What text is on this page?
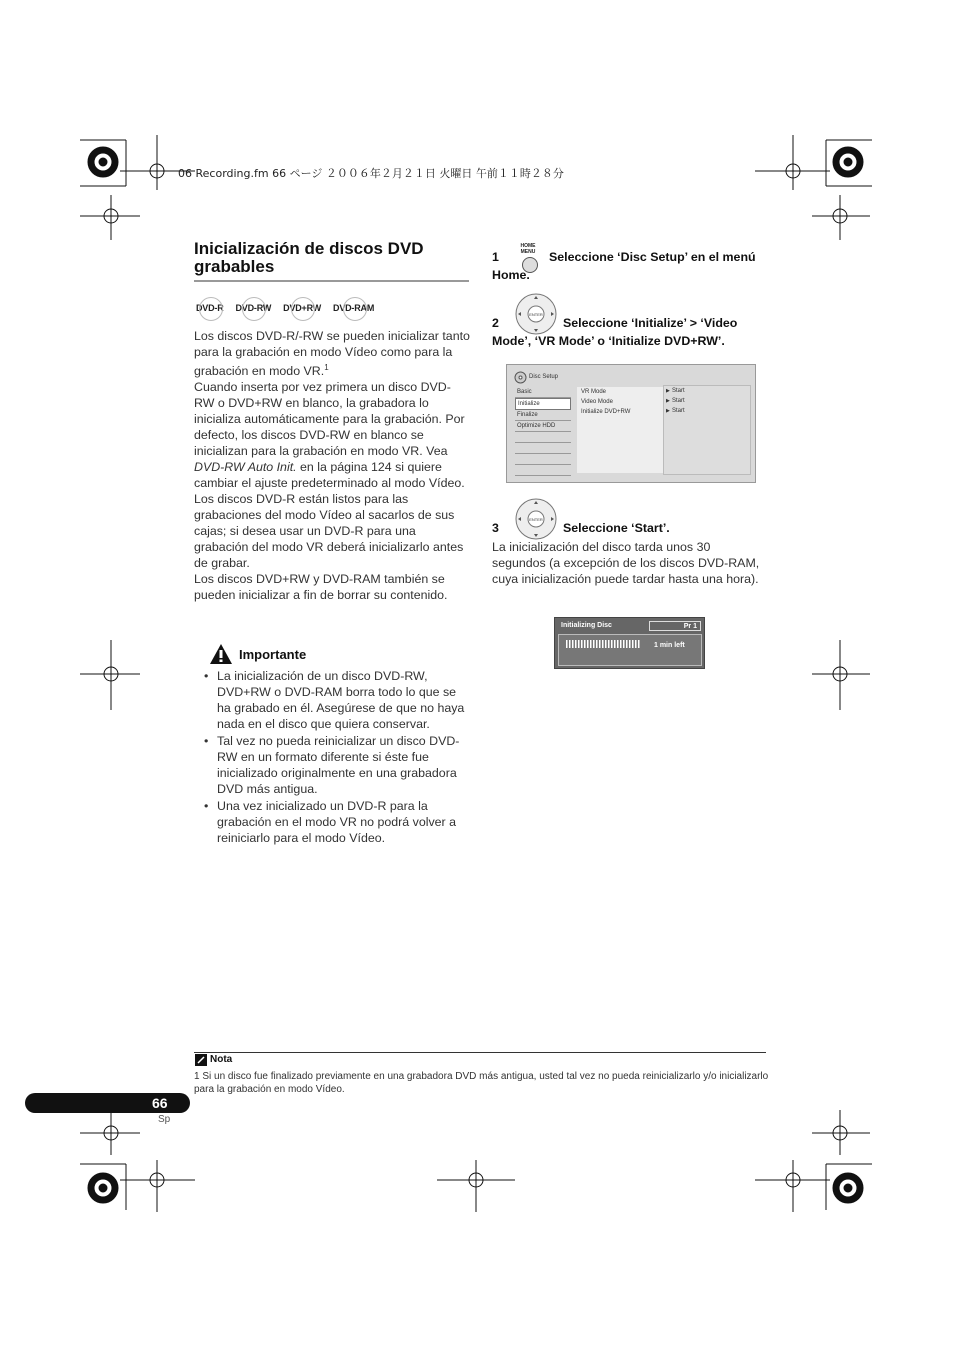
06 Recording.fm 66 ページ ２００６年２月２１日 火曜日 午前１１時２８分
Inicialización de discos DVD grabables
DVD-R DVD-RW DVD+RW DVD-RAM

Los discos DVD-R/-RW se pueden inicializar tanto para la grabación en modo Vídeo como para la grabación en modo VR.$^1$

Cuando inserta por vez primera un disco DVD-RW o DVD+RW en blanco, la grabadora lo inicializa automáticamente para la grabación. Por defecto, los discos DVD-RW en blanco se inicializan para la grabación en modo VR. Vea DVD-RW Auto Init. en la página 124 si quiere cambiar el ajuste predeterminado al modo Vídeo.

Los discos DVD-R están listos para las grabaciones del modo Vídeo al sacarlos de sus cajas; si desea usar un DVD-R para una grabación del modo VR deberá inicializarlo antes de grabar.

Los discos DVD+RW y DVD-RAM también se pueden inicializar a fin de borrar su contenido.

Importante
• La inicialización de un disco DVD-RW, DVD+RW o DVD-RAM borra todo lo que se ha grabado en él. Asegúrese de que no haya nada en el disco que quiera conservar.
• Tal vez no pueda reinicializar un disco DVD-RW en un formato diferente si éste fue inicializado originalmente en una grabadora DVD más antigua.
• Una vez inicializado un DVD-R para la grabación en el modo VR no podrá volver a reiniciarlo para el modo Vídeo.
HOME MENU
1	Seleccione ‘Disc Setup’ en el menú Home.
ENTER
2	Seleccione ‘Initialize’ > ‘Video Mode’, ‘VR Mode’ o ‘Initialize DVD+RW’.
Disc Setup
Basic
Initialize
Finalize
Optimize HDD
VR Mode
Video Mode
Initialize DVD+RW
▶ Start
▶ Start
▶ Start
ENTER
3	Seleccione ‘Start’.
La inicialización del disco tarda unos 30 segundos (a excepción de los discos DVD-RAM, cuya inicialización puede tardar hasta una hora).
Initializing Disc	Pr 1
1 min left
Nota
1 Si un disco fue finalizado previamente en una grabadora DVD más antigua, usted tal vez no pueda reinicializarlo y/o inicializarlo para la grabación en modo Vídeo.
66
Sp
